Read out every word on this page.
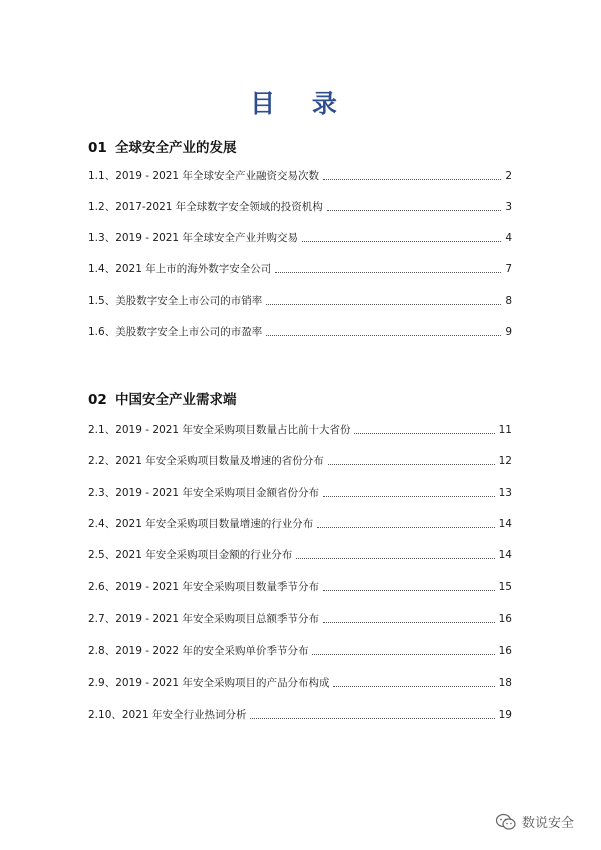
目 录
01 全球安全产业的发展
1.1、2019 - 2021 年全球安全产业融资交易次数	2
1.2、2017-2021 年全球数字安全领域的投资机构	3
1.3、2019 - 2021 年全球安全产业并购交易	4
1.4、2021 年上市的海外数字安全公司	7
1.5、美股数字安全上市公司的市销率	8
1.6、美股数字安全上市公司的市盈率	9
02 中国安全产业需求端
2.1、2019 - 2021 年安全采购项目数量占比前十大省份	11
2.2、2021 年安全采购项目数量及增速的省份分布	12
2.3、2019 - 2021 年安全采购项目金额省份分布	13
2.4、2021 年安全采购项目数量增速的行业分布	14
2.5、2021 年安全采购项目金额的行业分布	14
2.6、2019 - 2021 年安全采购项目数量季节分布	15
2.7、2019 - 2021 年安全采购项目总额季节分布	16
2.8、2019 - 2022 年的安全采购单价季节分布	16
2.9、2019 - 2021 年安全采购项目的产品分布构成	18
2.10、2021 年安全行业热词分析	19
数说安全
